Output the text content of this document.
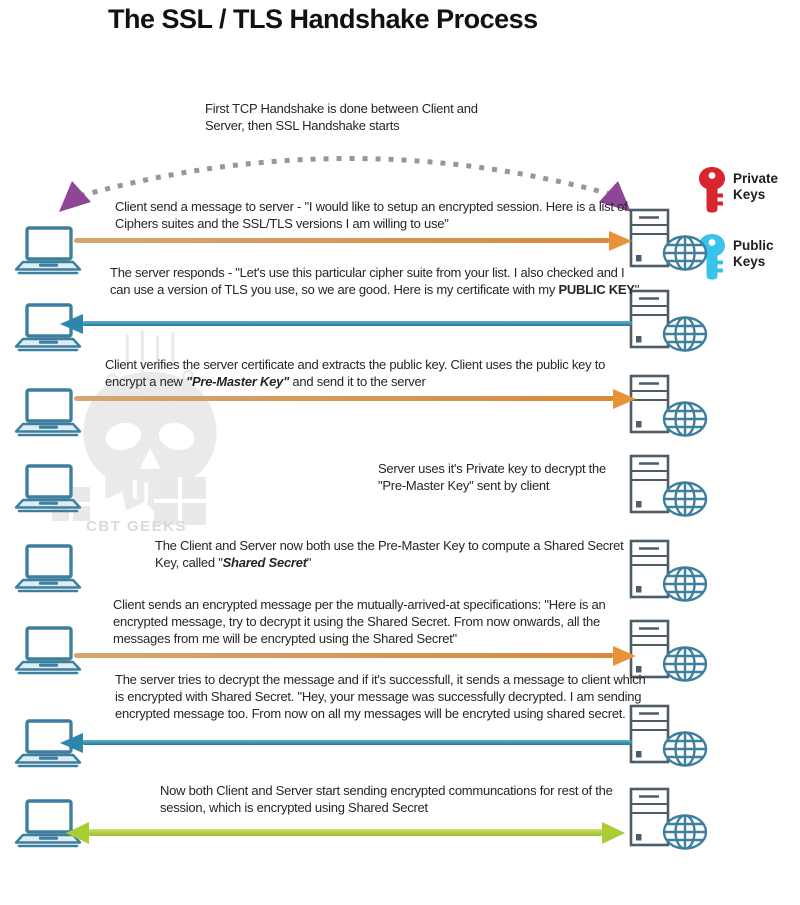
CBT GEEKS
The SSL / TLS Handshake Process
First TCP Handshake is done between Client and Server, then SSL Handshake starts
Private Keys
Public Keys
Client send a message to server - "I would like to setup an encrypted session. Here is a list of Ciphers suites and the SSL/TLS versions I am willing to use"
The server responds - "Let's use this particular cipher suite from your list. I also checked and I can use a version of TLS you use, so we are good. Here is my certificate with my PUBLIC KEY"
Client verifies the server certificate and extracts the public key. Client uses the public key to encrypt a new "Pre-Master Key" and send it to the server
Server uses it's Private key to decrypt the "Pre-Master Key" sent by client
The Client and Server now both use the Pre-Master Key to compute a Shared Secret Key, called "Shared Secret"
Client sends an encrypted message per the mutually-arrived-at specifications: "Here is an encrypted message, try to decrypt it using the Shared Secret. From now onwards, all the messages from me will be encrypted using the Shared Secret"
The server tries to decrypt the message and if it's successfull, it sends a message to client which is encrypted with Shared Secret. "Hey, your message was successfully decrypted. I am sending encrypted message too. From now on all my messages will be encryted using shared secret.
Now both Client and Server start sending encrypted communcations for rest of the session, which is encrypted using Shared Secret
